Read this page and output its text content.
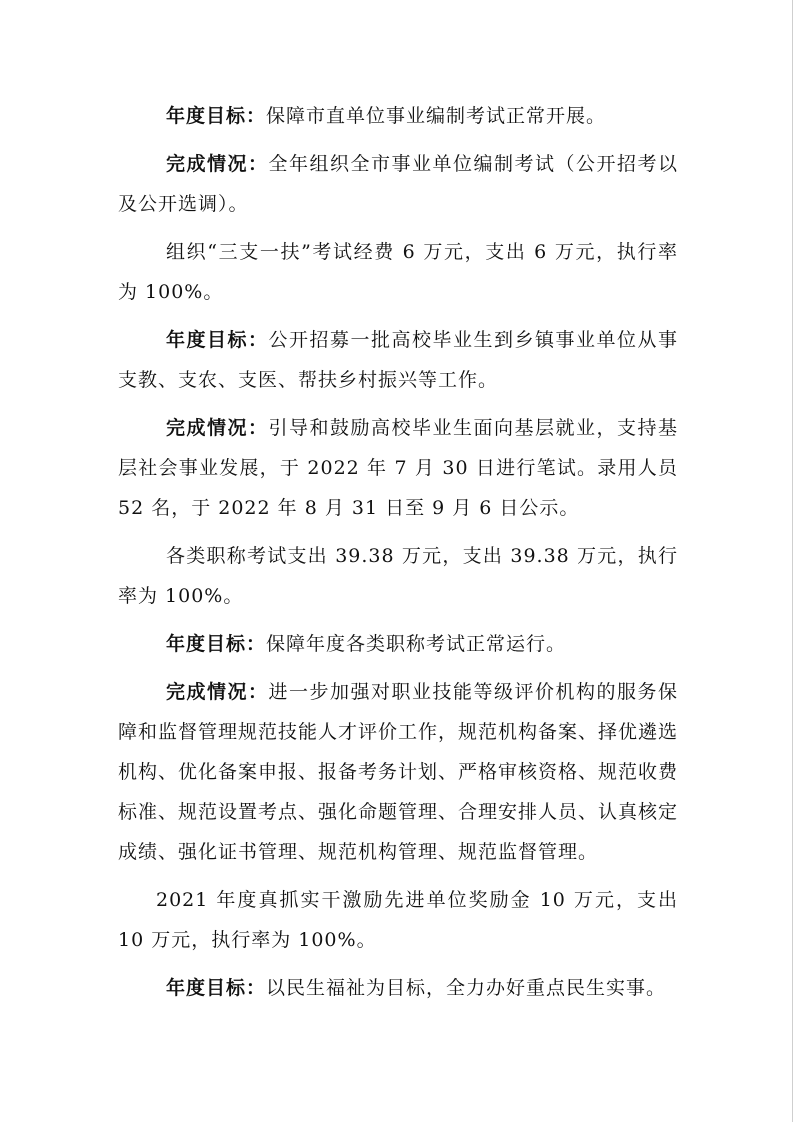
年度目标：保障市直单位事业编制考试正常开展。

完成情况：全年组织全市事业单位编制考试（公开招考以及公开选调）。

组织“三支一扶”考试经费 6 万元，支出 6 万元，执行率为 100%。

年度目标：公开招募一批高校毕业生到乡镇事业单位从事支教、支农、支医、帮扶乡村振兴等工作。

完成情况：引导和鼓励高校毕业生面向基层就业，支持基层社会事业发展，于 2022 年 7 月 30 日进行笔试。录用人员 52 名，于 2022 年 8 月 31 日至 9 月 6 日公示。

各类职称考试支出 39.38 万元，支出 39.38 万元，执行率为 100%。

年度目标：保障年度各类职称考试正常运行。

完成情况：进一步加强对职业技能等级评价机构的服务保障和监督管理规范技能人才评价工作，规范机构备案、择优遴选机构、优化备案申报、报备考务计划、严格审核资格、规范收费标准、规范设置考点、强化命题管理、合理安排人员、认真核定成绩、强化证书管理、规范机构管理、规范监督管理。

2021 年度真抓实干激励先进单位奖励金 10 万元，支出 10 万元，执行率为 100%。

年度目标：以民生福祉为目标，全力办好重点民生实事。
